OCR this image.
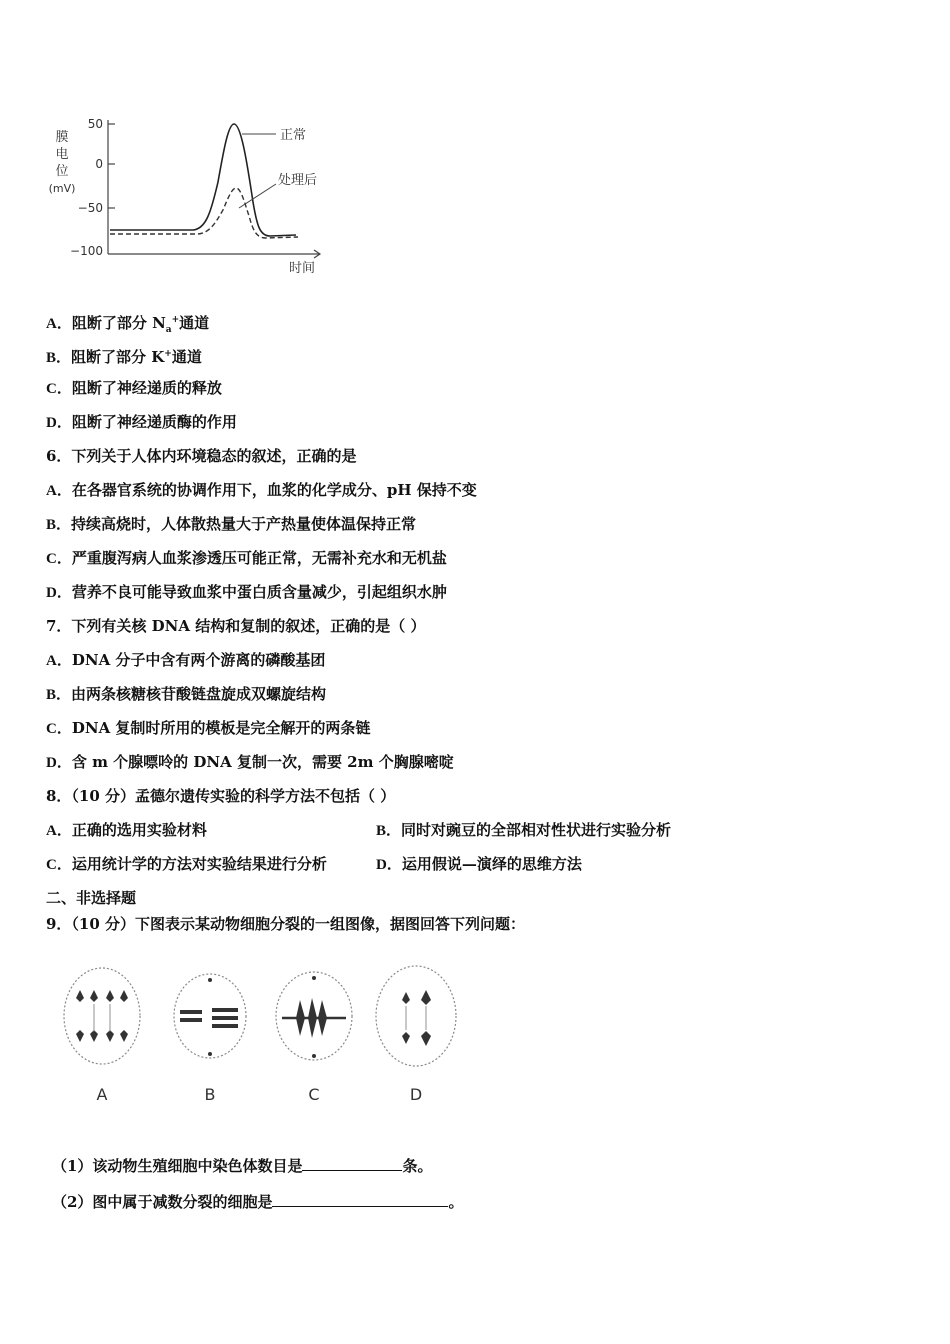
膜
电
位
(mV)
50
0
−50
−100
正常
处理后
时间
A．阻断了部分 $N_a^+$通道
B．阻断了部分 K+通道
C．阻断了神经递质的释放
D．阻断了神经递质酶的作用
6．下列关于人体内环境稳态的叙述，正确的是
A．在各器官系统的协调作用下，血浆的化学成分、pH 保持不变
B．持续高烧时，人体散热量大于产热量使体温保持正常
C．严重腹泻病人血浆渗透压可能正常，无需补充水和无机盐
D．营养不良可能导致血浆中蛋白质含量减少，引起组织水肿
7．下列有关核 DNA 结构和复制的叙述，正确的是（ ）
A．DNA 分子中含有两个游离的磷酸基团
B．由两条核糖核苷酸链盘旋成双螺旋结构
C．DNA 复制时所用的模板是完全解开的两条链
D．含 m 个腺嘌呤的 DNA 复制一次，需要 2m 个胸腺嘧啶
8．（10 分）孟德尔遗传实验的科学方法不包括（ ）
A．正确的选用实验材料	B．同时对豌豆的全部相对性状进行实验分析
C．运用统计学的方法对实验结果进行分析	D．运用假说—演绎的思维方法
二、非选择题
9．（10 分）下图表示某动物细胞分裂的一组图像，据图回答下列问题：
A	B	C	D
（1）该动物生殖细胞中染色体数目是	条。
（2）图中属于减数分裂的细胞是	。
